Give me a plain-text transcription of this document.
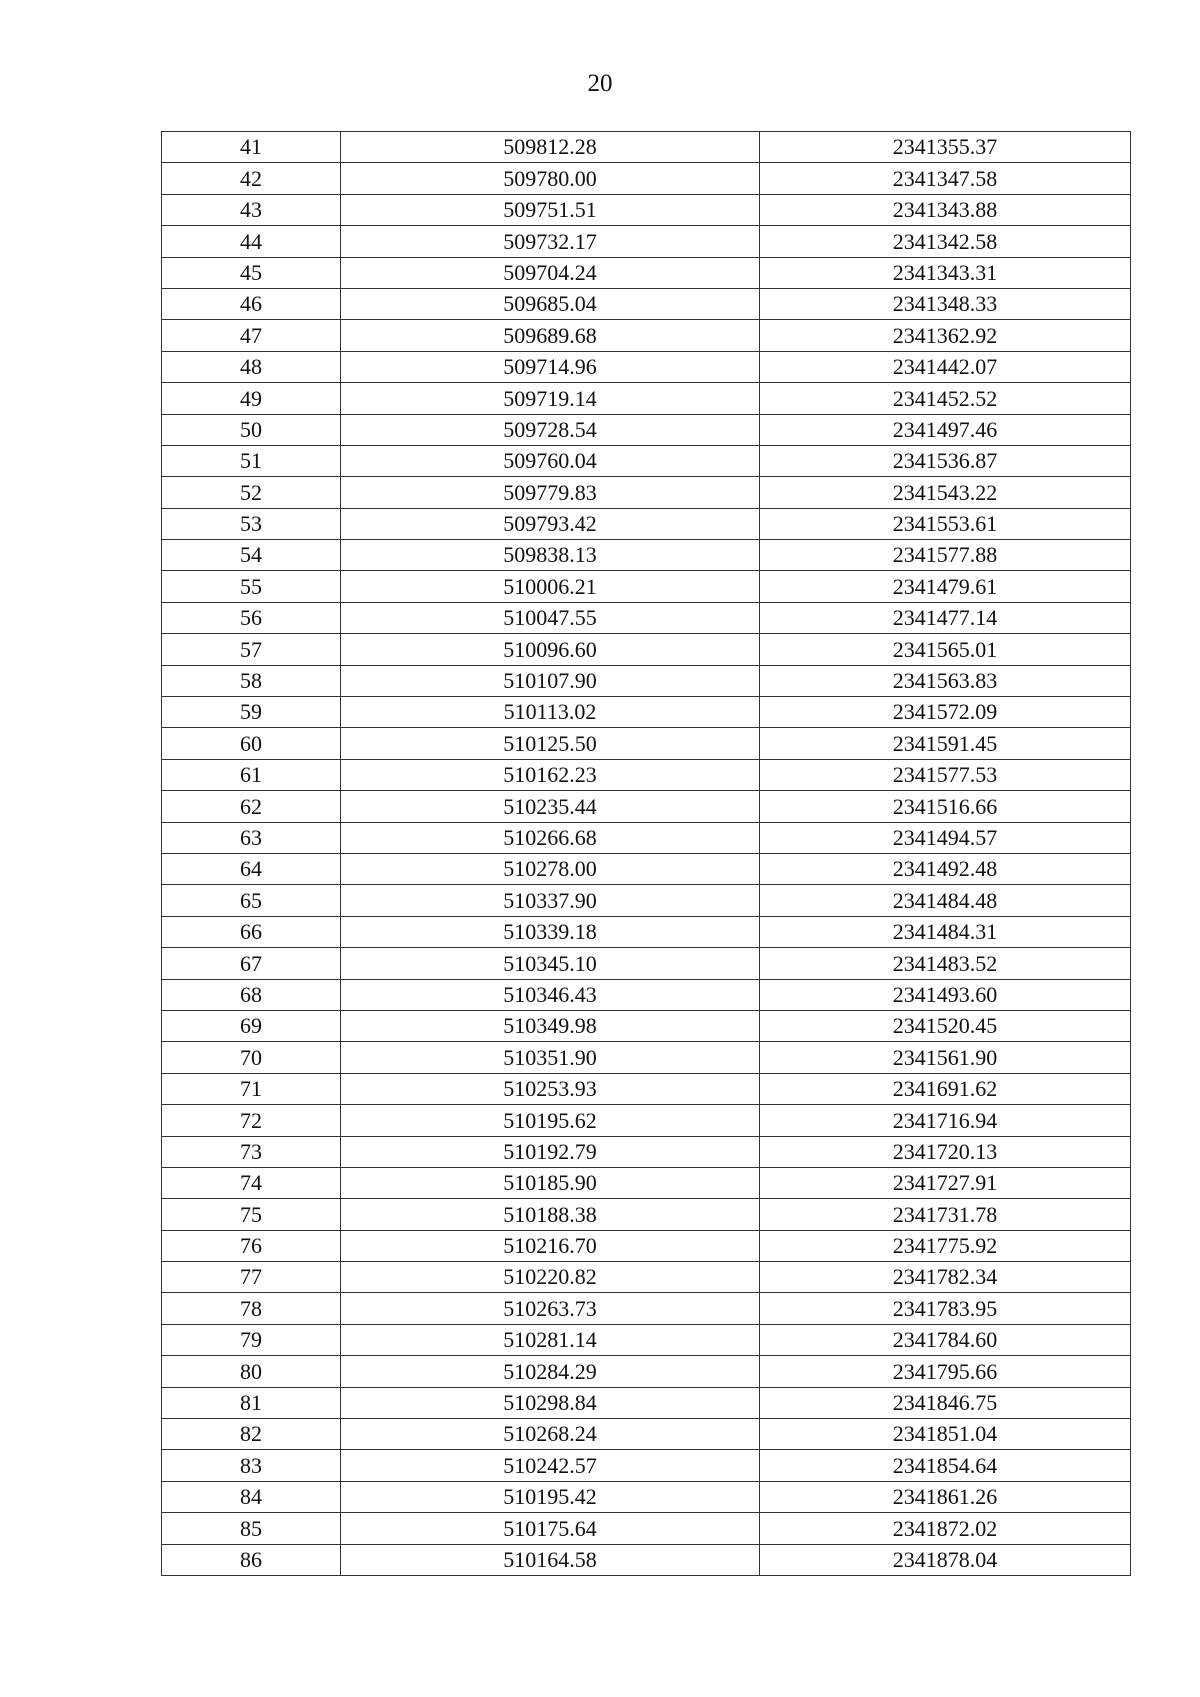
20
41	509812.28	2341355.37
42	509780.00	2341347.58
43	509751.51	2341343.88
44	509732.17	2341342.58
45	509704.24	2341343.31
46	509685.04	2341348.33
47	509689.68	2341362.92
48	509714.96	2341442.07
49	509719.14	2341452.52
50	509728.54	2341497.46
51	509760.04	2341536.87
52	509779.83	2341543.22
53	509793.42	2341553.61
54	509838.13	2341577.88
55	510006.21	2341479.61
56	510047.55	2341477.14
57	510096.60	2341565.01
58	510107.90	2341563.83
59	510113.02	2341572.09
60	510125.50	2341591.45
61	510162.23	2341577.53
62	510235.44	2341516.66
63	510266.68	2341494.57
64	510278.00	2341492.48
65	510337.90	2341484.48
66	510339.18	2341484.31
67	510345.10	2341483.52
68	510346.43	2341493.60
69	510349.98	2341520.45
70	510351.90	2341561.90
71	510253.93	2341691.62
72	510195.62	2341716.94
73	510192.79	2341720.13
74	510185.90	2341727.91
75	510188.38	2341731.78
76	510216.70	2341775.92
77	510220.82	2341782.34
78	510263.73	2341783.95
79	510281.14	2341784.60
80	510284.29	2341795.66
81	510298.84	2341846.75
82	510268.24	2341851.04
83	510242.57	2341854.64
84	510195.42	2341861.26
85	510175.64	2341872.02
86	510164.58	2341878.04
